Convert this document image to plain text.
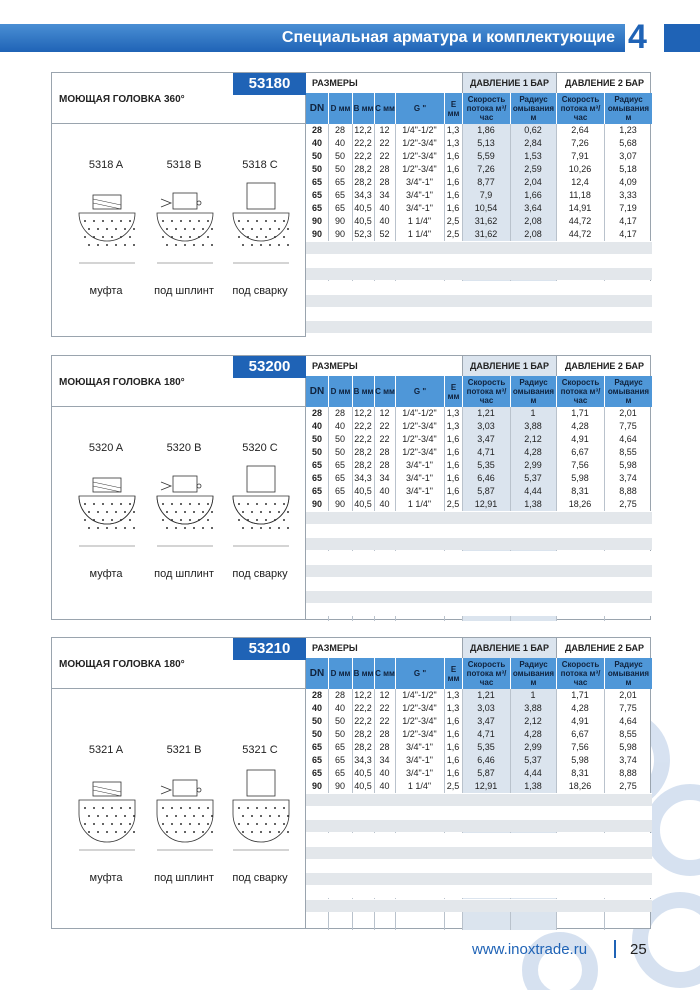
Специальная арматура и комплектующие 4
53180
МОЮЩАЯ ГОЛОВКА 360°
5318 A
муфта
5318 B
под шплинт
5318 C
под сварку
РАЗМЕРЫ	ДАВЛЕНИЕ 1 БАР	ДАВЛЕНИЕ 2 БАР
DN D мм B мм C мм	G "	E мм
Скорость потока м³/час
Радиус омывания м
Скорость потока м³/час
Радиус омывания м
28	28	12,2 12	1/4"-1/2"	1,3	1,86	0,62	2,64	1,23
40	40	22,2 22	1/2"-3/4"	1,3	5,13	2,84	7,26	5,68
50	50	22,2 22	1/2"-3/4"	1,6	5,59	1,53	7,91	3,07
50	50	28,2 28	1/2"-3/4"	1,6	7,26	2,59	10,26	5,18
65	65	28,2 28	3/4"-1"	1,6	8,77	2,04	12,4	4,09
65	65	34,3 34	3/4"-1"	1,6	7,9	1,66	11,18	3,33
65	65	40,5 40	3/4"-1"	1,6	10,54	3,64	14,91	7,19
90	90	40,5 40	1 1/4"	2,5	31,62	2,08	44,72	4,17
90	90	52,3 52	1 1/4"	2,5	31,62	2,08	44,72	4,17
53200
МОЮЩАЯ ГОЛОВКА 180°
5320 A
муфта
5320 B
под шплинт
5320 C
под сварку
РАЗМЕРЫ	ДАВЛЕНИЕ 1 БАР	ДАВЛЕНИЕ 2 БАР
DN D мм B мм C мм	G "	E мм
Скорость потока м³/час
Радиус омывания м
Скорость потока м³/час
Радиус омывания м
28	28	12,2 12	1/4"-1/2"	1,3	1,21	1	1,71	2,01
40	40	22,2 22	1/2"-3/4"	1,3	3,03	3,88	4,28	7,75
50	50	22,2 22	1/2"-3/4"	1,6	3,47	2,12	4,91	4,64
50	50	28,2 28	1/2"-3/4"	1,6	4,71	4,28	6,67	8,55
65	65	28,2 28	3/4"-1"	1,6	5,35	2,99	7,56	5,98
65	65	34,3 34	3/4"-1"	1,6	6,46	5,37	5,98	3,74
65	65	40,5 40	3/4"-1"	1,6	5,87	4,44	8,31	8,88
90	90	40,5 40	1 1/4"	2,5	12,91	1,38	18,26	2,75
53210
МОЮЩАЯ ГОЛОВКА 180°
5321 A
муфта
5321 B
под шплинт
5321 C
под сварку
РАЗМЕРЫ	ДАВЛЕНИЕ 1 БАР	ДАВЛЕНИЕ 2 БАР
DN D мм B мм C мм	G "	E мм
Скорость потока м³/час
Радиус омывания м
Скорость потока м³/час
Радиус омывания м
28	28	12,2 12	1/4"-1/2"	1,3	1,21	1	1,71	2,01
40	40	22,2 22	1/2"-3/4"	1,3	3,03	3,88	4,28	7,75
50	50	22,2 22	1/2"-3/4"	1,6	3,47	2,12	4,91	4,64
50	50	28,2 28	1/2"-3/4"	1,6	4,71	4,28	6,67	8,55
65	65	28,2 28	3/4"-1"	1,6	5,35	2,99	7,56	5,98
65	65	34,3 34	3/4"-1"	1,6	6,46	5,37	5,98	3,74
65	65	40,5 40	3/4"-1"	1,6	5,87	4,44	8,31	8,88
90	90	40,5 40	1 1/4"	2,5	12,91	1,38	18,26	2,75
www.inoxtrade.ru	25
